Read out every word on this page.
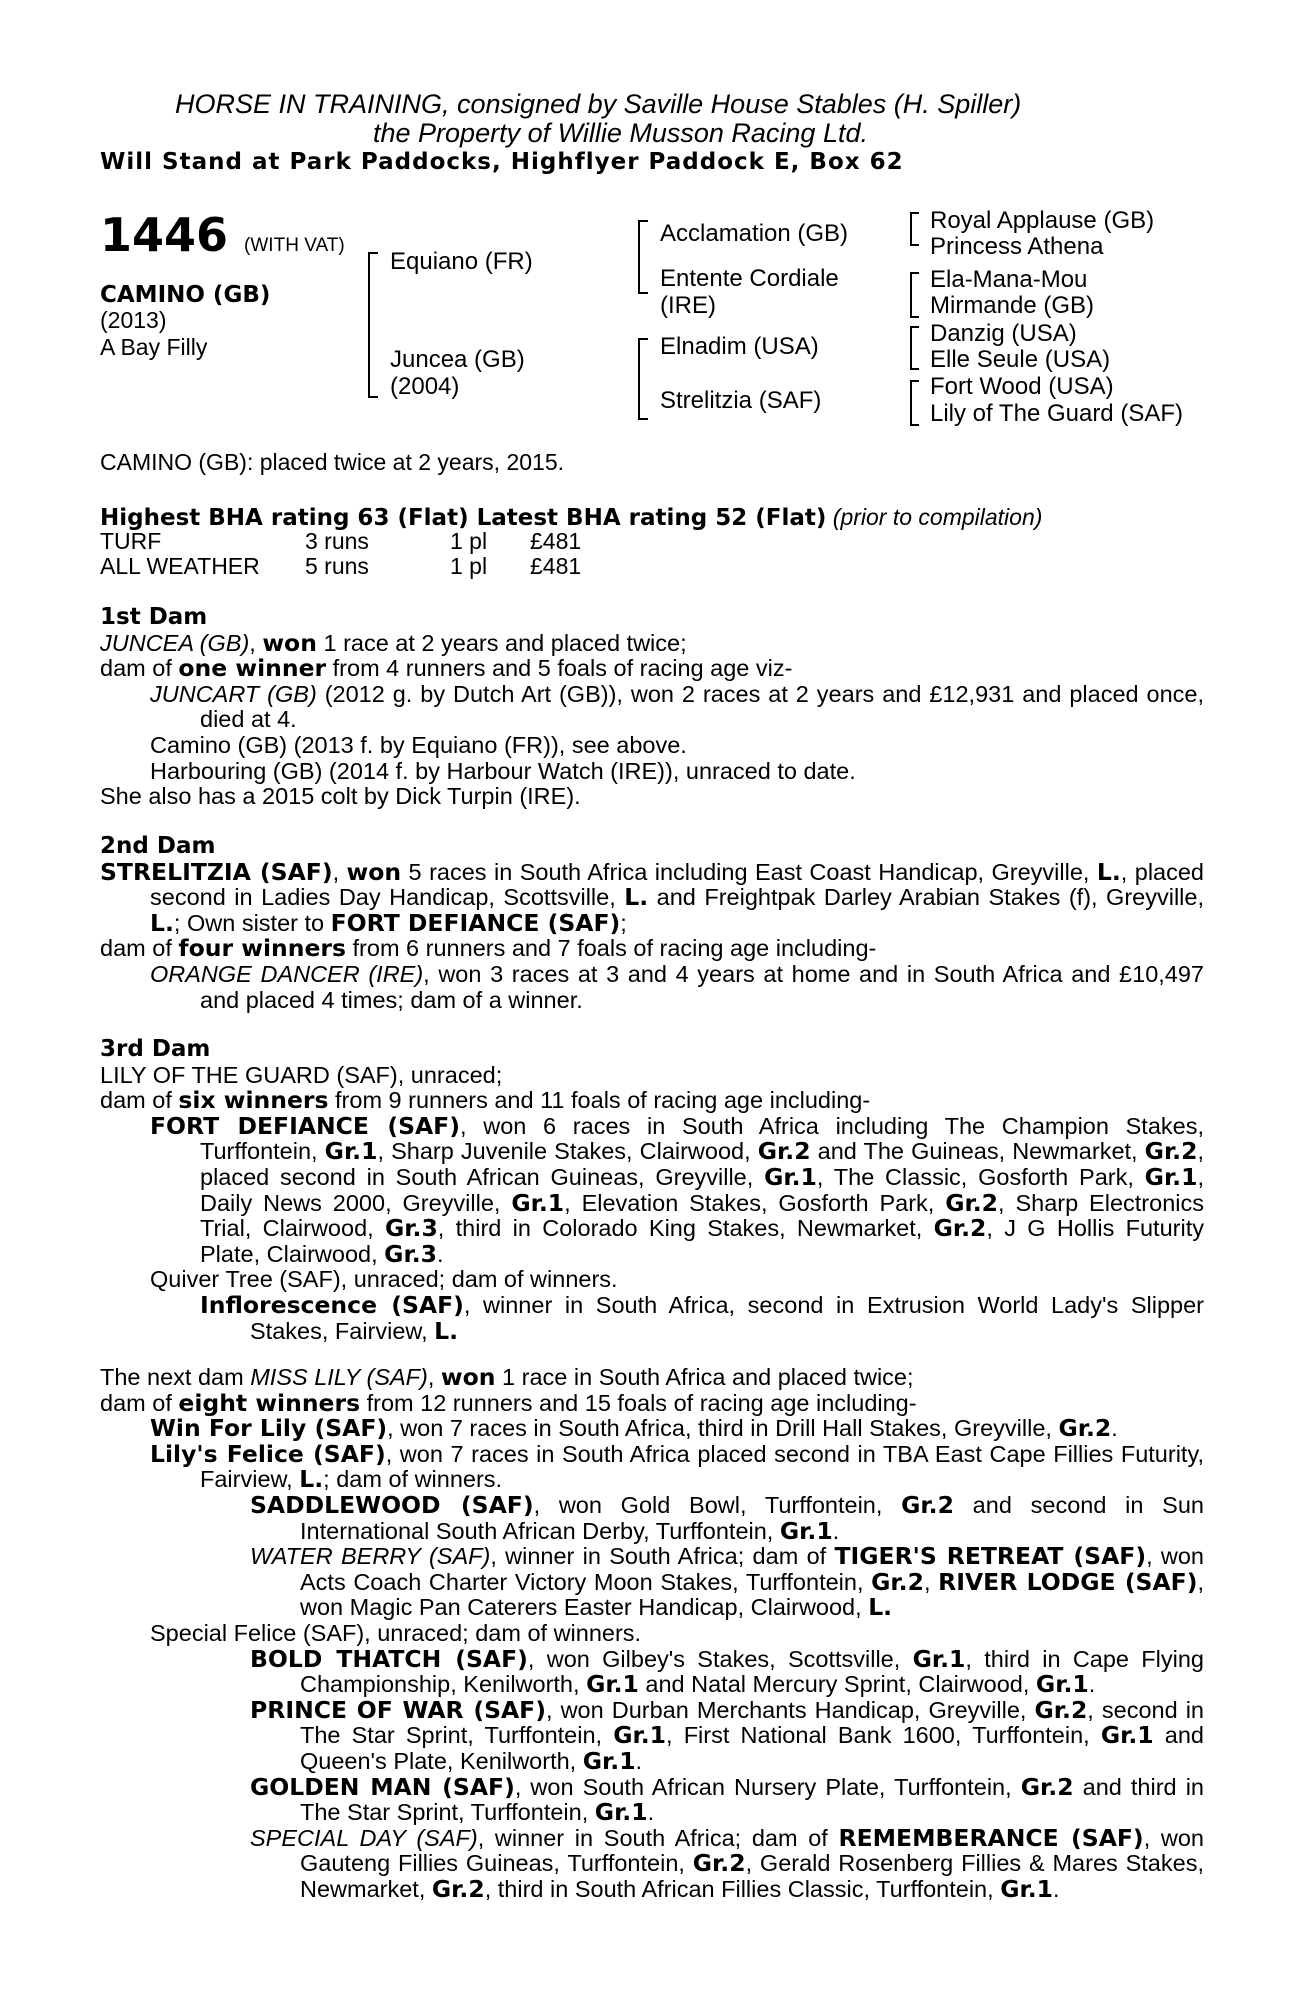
HORSE IN TRAINING, consigned by Saville House Stables (H. Spiller)
the Property of Willie Musson Racing Ltd.
Will Stand at Park Paddocks, Highflyer Paddock E, Box 62
1446 (WITH VAT)
CAMINO (GB)
(2013)
A Bay Filly
Equiano (FR)
Juncea (GB)
(2004)
Acclamation (GB)
Entente Cordiale
(IRE)
Elnadim (USA)
Strelitzia (SAF)
Royal Applause (GB)
Princess Athena
Ela-Mana-Mou
Mirmande (GB)
Danzig (USA)
Elle Seule (USA)
Fort Wood (USA)
Lily of The Guard (SAF)
CAMINO (GB): placed twice at 2 years, 2015.
Highest BHA rating 63 (Flat) Latest BHA rating 52 (Flat) (prior to compilation)
TURF	3 runs	1 pl	£481
ALL WEATHER	5 runs	1 pl	£481

1st Dam

JUNCEA (GB), won 1 race at 2 years and placed twice;

dam of one winner from 4 runners and 5 foals of racing age viz-

JUNCART (GB) (2012 g. by Dutch Art (GB)), won 2 races at 2 years and £12,931 and placed once, died at 4.

Camino (GB) (2013 f. by Equiano (FR)), see above.

Harbouring (GB) (2014 f. by Harbour Watch (IRE)), unraced to date.

She also has a 2015 colt by Dick Turpin (IRE).

2nd Dam

STRELITZIA (SAF), won 5 races in South Africa including East Coast Handicap, Greyville, L., placed second in Ladies Day Handicap, Scottsville, L. and Freightpak Darley Arabian Stakes (f), Greyville, L.; Own sister to FORT DEFIANCE (SAF);

dam of four winners from 6 runners and 7 foals of racing age including-

ORANGE DANCER (IRE), won 3 races at 3 and 4 years at home and in South Africa and £10,497 and placed 4 times; dam of a winner.

3rd Dam

LILY OF THE GUARD (SAF), unraced;

dam of six winners from 9 runners and 11 foals of racing age including-

FORT DEFIANCE (SAF), won 6 races in South Africa including The Champion Stakes, Turffontein, Gr.1, Sharp Juvenile Stakes, Clairwood, Gr.2 and The Guineas, Newmarket, Gr.2, placed second in South African Guineas, Greyville, Gr.1, The Classic, Gosforth Park, Gr.1, Daily News 2000, Greyville, Gr.1, Elevation Stakes, Gosforth Park, Gr.2, Sharp Electronics Trial, Clairwood, Gr.3, third in Colorado King Stakes, Newmarket, Gr.2, J G Hollis Futurity Plate, Clairwood, Gr.3.

Quiver Tree (SAF), unraced; dam of winners.

Inflorescence (SAF), winner in South Africa, second in Extrusion World Lady's Slipper Stakes, Fairview, L.

The next dam MISS LILY (SAF), won 1 race in South Africa and placed twice;

dam of eight winners from 12 runners and 15 foals of racing age including-

Win For Lily (SAF), won 7 races in South Africa, third in Drill Hall Stakes, Greyville, Gr.2.

Lily's Felice (SAF), won 7 races in South Africa placed second in TBA East Cape Fillies Futurity, Fairview, L.; dam of winners.

SADDLEWOOD (SAF), won Gold Bowl, Turffontein, Gr.2 and second in Sun International South African Derby, Turffontein, Gr.1.

WATER BERRY (SAF), winner in South Africa; dam of TIGER'S RETREAT (SAF), won Acts Coach Charter Victory Moon Stakes, Turffontein, Gr.2, RIVER LODGE (SAF), won Magic Pan Caterers Easter Handicap, Clairwood, L.

Special Felice (SAF), unraced; dam of winners.

BOLD THATCH (SAF), won Gilbey's Stakes, Scottsville, Gr.1, third in Cape Flying Championship, Kenilworth, Gr.1 and Natal Mercury Sprint, Clairwood, Gr.1.

PRINCE OF WAR (SAF), won Durban Merchants Handicap, Greyville, Gr.2, second in The Star Sprint, Turffontein, Gr.1, First National Bank 1600, Turffontein, Gr.1 and Queen's Plate, Kenilworth, Gr.1.

GOLDEN MAN (SAF), won South African Nursery Plate, Turffontein, Gr.2 and third in The Star Sprint, Turffontein, Gr.1.

SPECIAL DAY (SAF), winner in South Africa; dam of REMEMBERANCE (SAF), won Gauteng Fillies Guineas, Turffontein, Gr.2, Gerald Rosenberg Fillies & Mares Stakes, Newmarket, Gr.2, third in South African Fillies Classic, Turffontein, Gr.1.
